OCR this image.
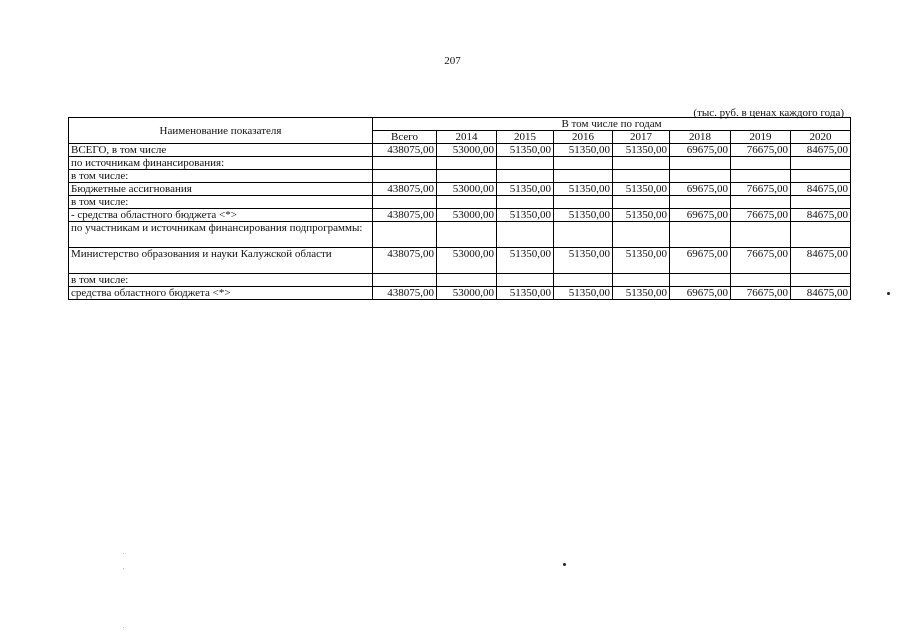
207
(тыс. руб. в ценах каждого года)
Наименование показателя	В том числе по годам							
	Всего	2014	2015	2016	2017	2018	2019	2020
ВСЕГО, в том числе	438075,00	53000,00	51350,00	51350,00	51350,00	69675,00	76675,00	84675,00
по источникам финансирования:								
в том числе:								
Бюджетные ассигнования	438075,00	53000,00	51350,00	51350,00	51350,00	69675,00	76675,00	84675,00
в том числе:								
- средства областного бюджета <*>	438075,00	53000,00	51350,00	51350,00	51350,00	69675,00	76675,00	84675,00
по участникам и источникам финансирования подпрограммы:								
Министерство образования и науки Калужской области	438075,00	53000,00	51350,00	51350,00	51350,00	69675,00	76675,00	84675,00
в том числе:								
средства областного бюджета <*>	438075,00	53000,00	51350,00	51350,00	51350,00	69675,00	76675,00	84675,00
